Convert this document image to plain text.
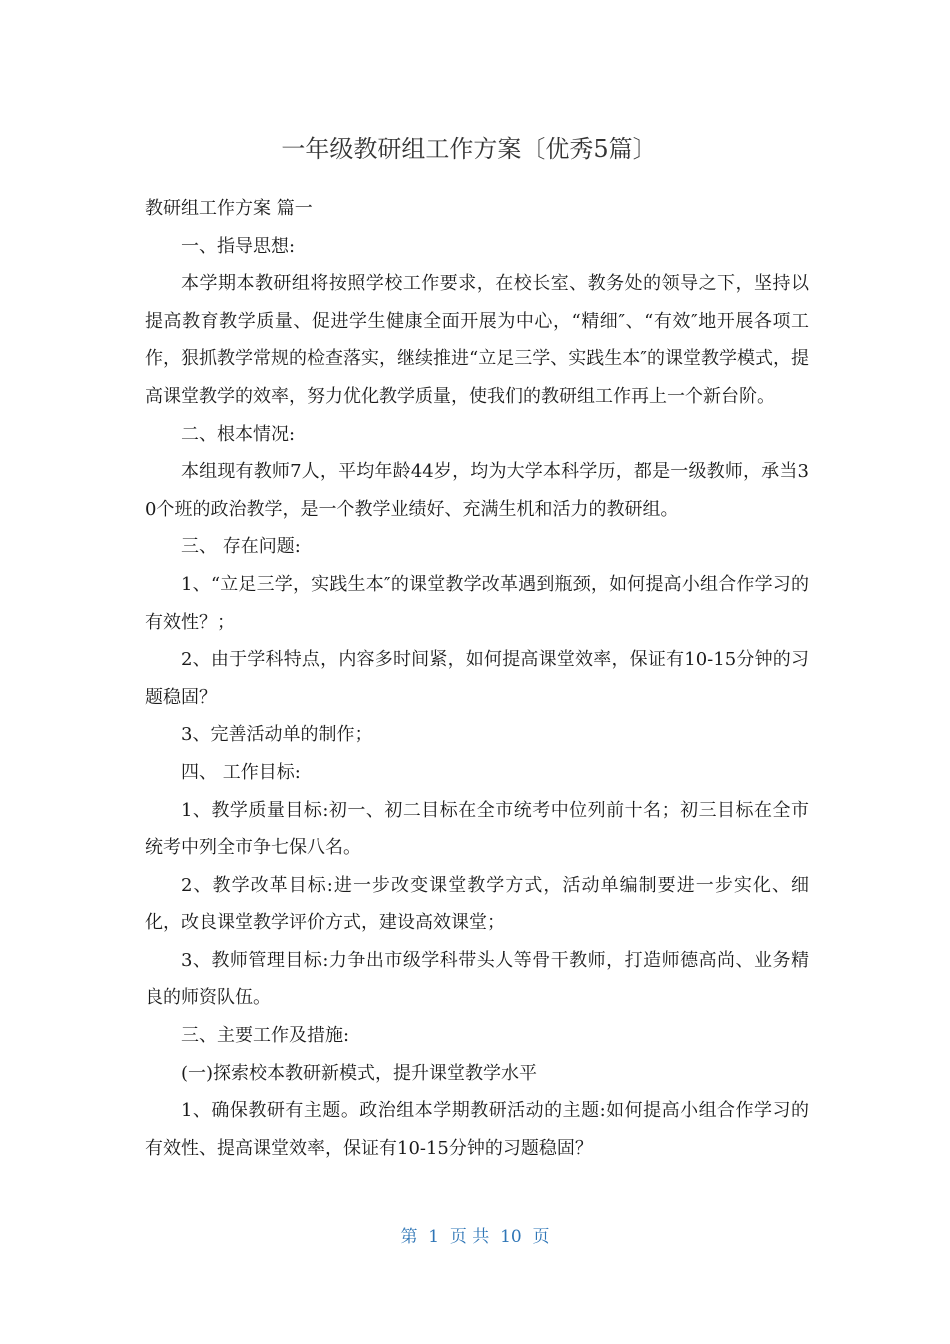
一年级教研组工作方案〔优秀5篇〕

教研组工作方案 篇一

一、指导思想:

本学期本教研组将按照学校工作要求，在校长室、教务处的领导之下，坚持以提高教育教学质量、促进学生健康全面开展为中心，“精细″、“有效″地开展各项工作，狠抓教学常规的检查落实，继续推进“立足三学、实践生本″的课堂教学模式，提高课堂教学的效率，努力优化教学质量，使我们的教研组工作再上一个新台阶。

二、根本情况:

本组现有教师7人，平均年龄44岁，均为大学本科学历，都是一级教师，承当30个班的政治教学，是一个教学业绩好、充满生机和活力的教研组。

三、 存在问题:

1、“立足三学，实践生本″的课堂教学改革遇到瓶颈，如何提高小组合作学习的有效性？；

2、由于学科特点，内容多时间紧，如何提高课堂效率，保证有10-15分钟的习题稳固？

3、完善活动单的制作；

四、 工作目标:

1、教学质量目标:初一、初二目标在全市统考中位列前十名；初三目标在全市统考中列全市争七保八名。

2、教学改革目标:进一步改变课堂教学方式，活动单编制要进一步实化、细化，改良课堂教学评价方式，建设高效课堂；

3、教师管理目标:力争出市级学科带头人等骨干教师，打造师德高尚、业务精良的师资队伍。

三、主要工作及措施:

(一)探索校本教研新模式，提升课堂教学水平

1、确保教研有主题。政治组本学期教研活动的主题:如何提高小组合作学习的有效性、提高课堂效率，保证有10-15分钟的习题稳固？

第  1  页 共  10  页
